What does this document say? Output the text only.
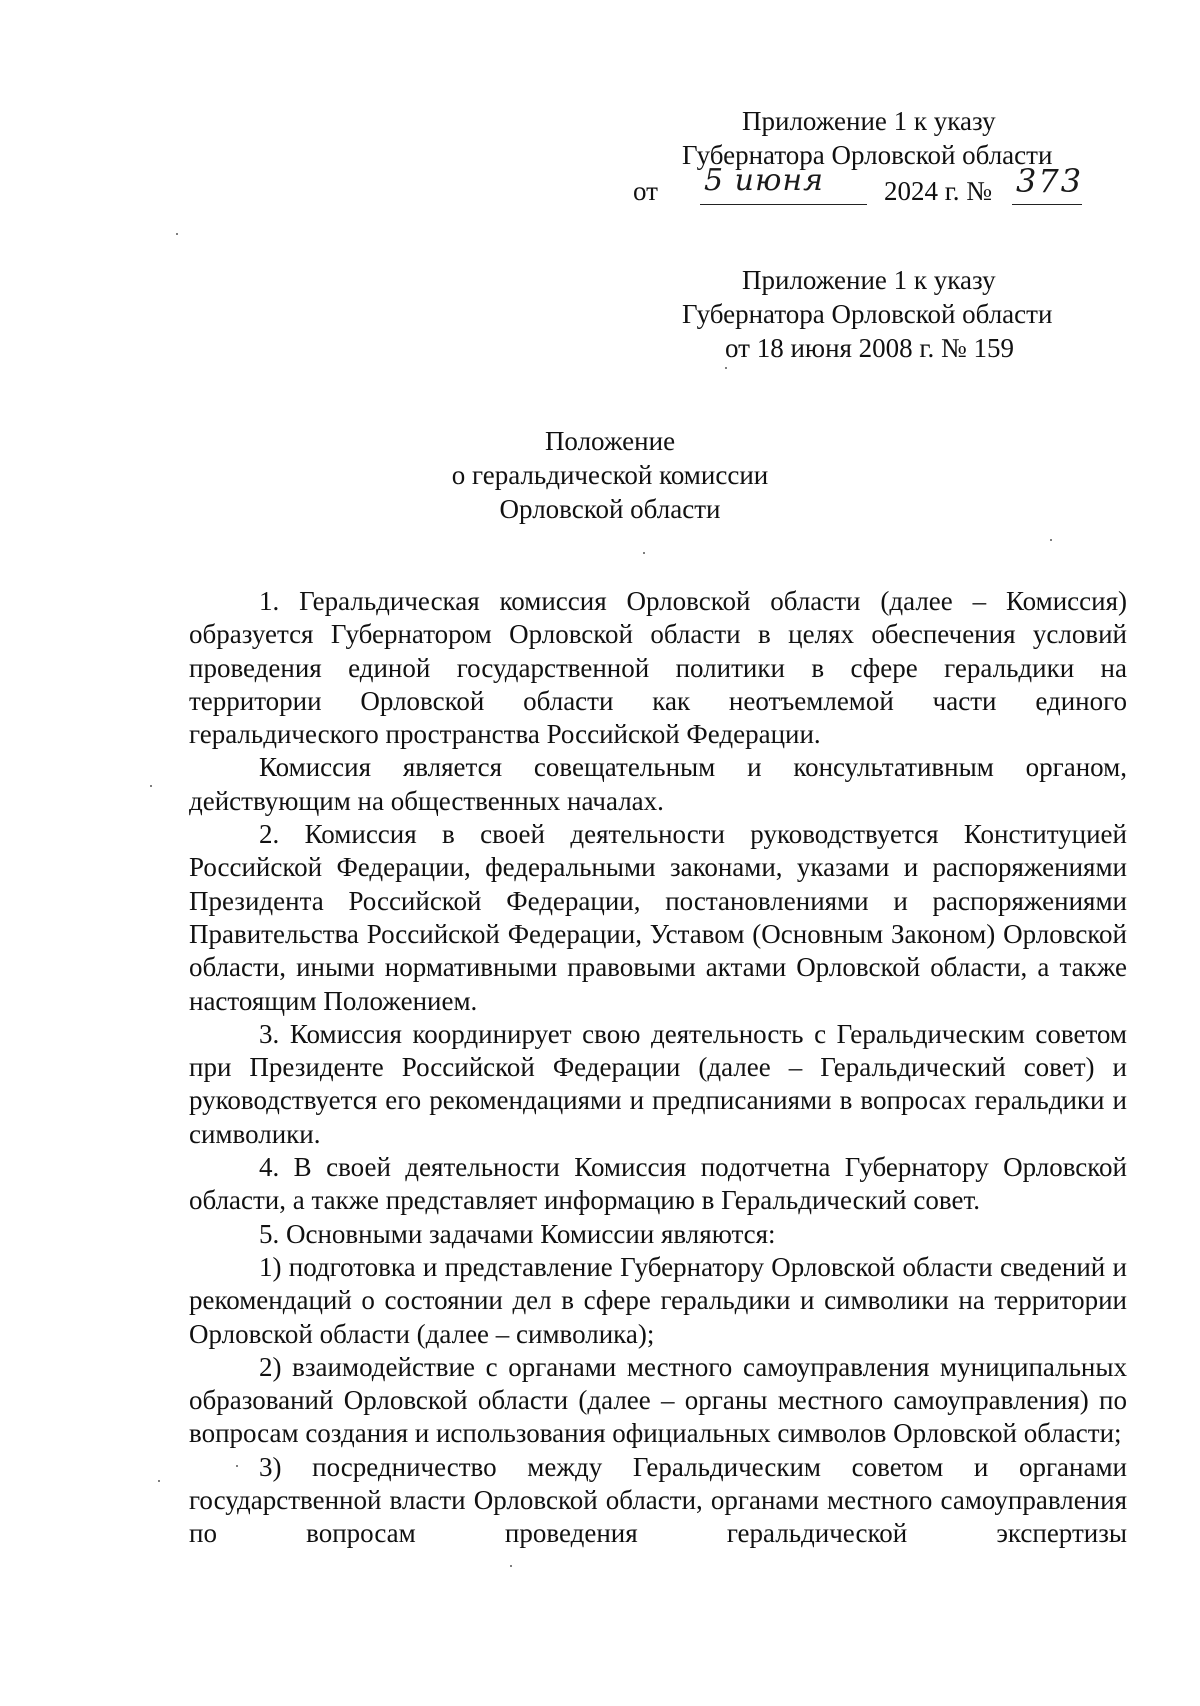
Приложение 1 к указу
Губернатора Орловской области
от 5 июня 2024 г. № 373
Приложение 1 к указу
Губернатора Орловской области
от 18 июня 2008 г. № 159
Положение
о геральдической комиссии
Орловской области

1. Геральдическая комиссия Орловской области (далее – Комиссия) образуется Губернатором Орловской области в целях обеспечения условий проведения единой государственной политики в сфере геральдики на территории Орловской области как неотъемлемой части единого геральдического пространства Российской Федерации.

Комиссия является совещательным и консультативным органом, действующим на общественных началах.

2. Комиссия в своей деятельности руководствуется Конституцией Российской Федерации, федеральными законами, указами и распоряжениями Президента Российской Федерации, постановлениями и распоряжениями Правительства Российской Федерации, Уставом (Основным Законом) Орловской области, иными нормативными правовыми актами Орловской области, а также настоящим Положением.

3. Комиссия координирует свою деятельность с Геральдическим советом при Президенте Российской Федерации (далее – Геральдический совет) и руководствуется его рекомендациями и предписаниями в вопросах геральдики и символики.

4. В своей деятельности Комиссия подотчетна Губернатору Орловской области, а также представляет информацию в Геральдический совет.

5. Основными задачами Комиссии являются:

1) подготовка и представление Губернатору Орловской области сведений и рекомендаций о состоянии дел в сфере геральдики и символики на территории Орловской области (далее – символика);

2) взаимодействие с органами местного самоуправления муниципальных образований Орловской области (далее – органы местного самоуправления) по вопросам создания и использования официальных символов Орловской области;

3) посредничество между Геральдическим советом и органами государственной власти Орловской области, органами местного самоуправления по вопросам проведения геральдической экспертизы
